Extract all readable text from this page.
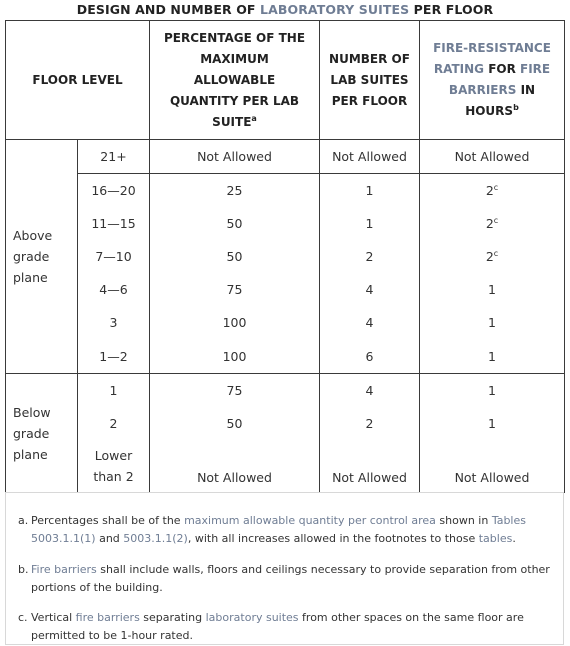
DESIGN AND NUMBER OF LABORATORY SUITES PER FLOOR
FLOOR LEVEL		PERCENTAGE OF THE MAXIMUM ALLOWABLE QUANTITY PER LAB SUITE$^a$	NUMBER OF LAB SUITES PER FLOOR	FIRE-RESISTANCE RATING FOR FIRE BARRIERS IN HOURS$^b$

Above grade plane	21+	Not Allowed	Not Allowed	Not Allowed
	16—20	25	1	2$^c$
	11—15	50	1	2$^c$
	7—10	50	2	2$^c$
	4—6	75	4	1
	3	100	4	1
	1—2	100	6	1
Below grade plane	1	75	4	1
	2	50	2	1
	Lower than 2	Not Allowed	Not Allowed	Not Allowed
a. Percentages shall be of the maximum allowable quantity per control area shown in Tables 5003.1.1(1) and 5003.1.1(2), with all increases allowed in the footnotes to those tables.
b. Fire barriers shall include walls, floors and ceilings necessary to provide separation from other portions of the building.
c. Vertical fire barriers separating laboratory suites from other spaces on the same floor are permitted to be 1-hour rated.
